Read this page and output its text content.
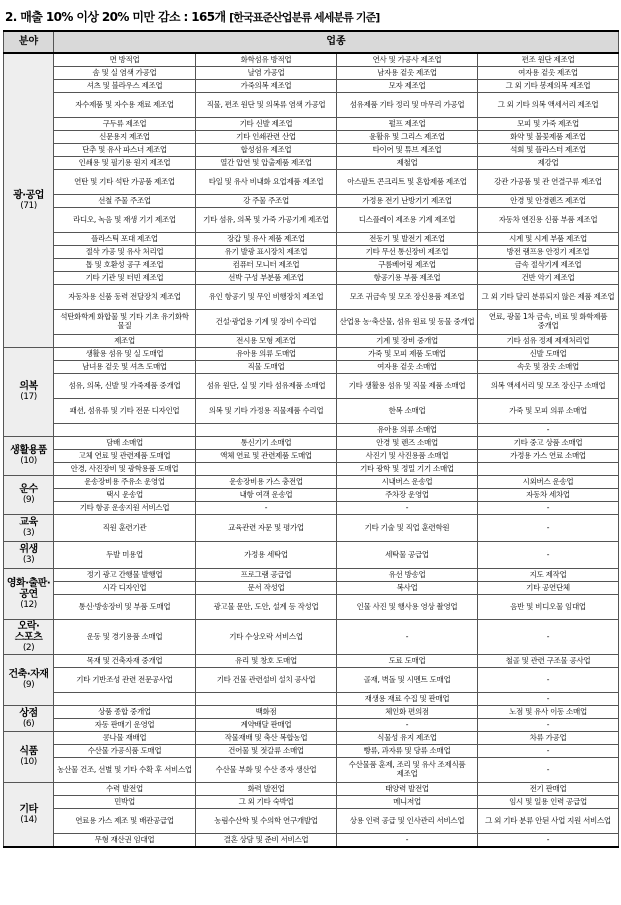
2. 매출 10% 이상 20% 미만 감소 : 165개 [한국표준산업분류 세세분류 기준]
분야	업종			

광·공업
(71)	면 방적업	화학섬유 방적업	연사 및 가공사 제조업	편조 원단 제조업
	솜 및 실 염색 가공업	날염 가공업	남자용 겉옷 제조업	여자용 겉옷 제조업
	셔츠 및 블라우스 제조업	가죽의복 제조업	모자 제조업	그 외 기타 봉제의복 제조업
	자수제품 및 자수용 재료 제조업	직물, 편조 원단 및 의복류 염색 가공업	섬유제품 기타 정리 및 마무리 가공업	그 외 기타 의복 액세서리 제조업
	구두류 제조업	기타 신발 제조업	펄프 제조업	모피 및 가죽 제조업
	신문용지 제조업	기타 인쇄관련 산업	윤활유 및 그리스 제조업	화약 및 불꽃제품 제조업
	단추 및 유사 파스너 제조업	합성섬유 제조업	타이어 및 튜브 제조업	석회 및 플라스터 제조업
	인쇄용 및 필기용 원지 제조업	열간 압연 및 압출제품 제조업	제철업	제강업
	연탄 및 기타 석탄 가공품 제조업	타일 및 유사 비내화 요업제품 제조업	아스팔트 콘크리트 및 혼합제품 제조업	강관 가공품 및 관 연결구류 제조업
	선철 주물 주조업	강 주물 주조업	가정용 전기 난방기기 제조업	안경 및 안경렌즈 제조업
	라디오, 녹음 및 재생 기기 제조업	기타 섬유, 의복 및 가죽 가공기계 제조업	디스플레이 제조용 기계 제조업	자동차 엔진용 신품 부품 제조업
	플라스틱 포대 제조업	장갑 및 유사 제품 제조업	전동기 및 발전기 제조업	시계 및 시계 부품 제조업
	절삭 가공 및 유사 처리업	유기 발광 표시장치 제조업	기타 무선 통신장비 제조업	방전 램프용 안정기 제조업
	톱 및 호환성 공구 제조업	컴퓨터 모니터 제조업	구름베어링 제조업	금속 절삭기계 제조업
	기타 기관 및 터빈 제조업	선박 구성 부분품 제조업	항공기용 부품 제조업	건반 악기 제조업
	자동차용 신품 동력 전달장치 제조업	유인 항공기 및 무인 비행장치 제조업	모조 귀금속 및 모조 장신용품 제조업	그 외 기타 달리 분류되지 않은 제품 제조업
	석탄화학계 화합물 및 기타 기초 유기화학 물질	건설·광업용 기계 및 장비 수리업	산업용 농·축산물, 섬유 원료 및 동물 중개업	연료, 광물 1차 금속, 비료 및 화학제품 중개업
	제조업	전시용 모형 제조업	기계 및 장비 중개업	기타 섬유 정제 제재처리업

의복
(17)	생활용 섬유 및 실 도매업	유아용 의류 도매업	가죽 및 모피 제품 도매업	신발 도매업
	남녀용 겉옷 및 셔츠 도매업	직물 도매업	여자용 겉옷 소매업	속옷 및 잠옷 소매업
	섬유, 의복, 신발 및 가죽제품 중개업	섬유 원단, 실 및 기타 섬유제품 소매업	기타 생활용 섬유 및 직물 제품 소매업	의복 액세서리 및 모조 장신구 소매업
	패션, 섬유류 및 기타 전문 디자인업	의복 및 기타 가정용 직물제품 수리업	한복 소매업	가죽 및 모피 의류 소매업
			유아용 의류 소매업	-

생활용품
(10)	담배 소매업	통신기기 소매업	안경 및 렌즈 소매업	기타 중고 상품 소매업
	고체 연료 및 관련제품 도매업	액체 연료 및 관련제품 도매업	사진기 및 사진용품 소매업	가정용 가스 연료 소매업
	안경, 사진장비 및 광학용품 도매업		기타 광학 및 정밀 기기 소매업	

운수
(9)	운송장비용 주유소 운영업	운송장비용 가스 충전업	시내버스 운송업	시외버스 운송업
	택시 운송업	내항 여객 운송업	주차장 운영업	자동차 세차업
	기타 항공 운송지원 서비스업	-	-	-

교육
(3)	직원 훈련기관	교육관련 자문 및 평가업	기타 기술 및 직업 훈련학원	-

위생
(3)	두발 미용업	가정용 세탁업	세탁물 공급업	-

영화·출판·공연
(12)	정기 광고 간행물 발행업	프로그램 공급업	유선 방송업	지도 제작업
	시각 디자인업	문서 작성업	복사업	기타 공연단체
	통신·방송장비 및 부품 도매업	광고물 문안, 도안, 설계 등 작성업	인물 사진 및 행사용 영상 촬영업	음반 및 비디오물 임대업

오락·스포츠
(2)	운동 및 경기용품 소매업	기타 수상오락 서비스업	-	-

건축·자재
(9)	목재 및 건축자재 중개업	유리 및 창호 도매업	도료 도매업	철골 및 관련 구조물 공사업
	기타 기반조성 관련 전문공사업	기타 건물 관련설비 설치 공사업	골재, 벽돌 및 시멘트 도매업	-
			재생용 재료 수집 및 판매업	-

상점
(6)	상품 종합 중개업	백화점	체인화 편의점	노점 및 유사 이동 소매업
	자동 판매기 운영업	계약배달 판매업	-	-

식품
(10)	콩나물 재배업	작물재배 및 축산 복합농업	식물성 유지 제조업	차류 가공업
	수산물 가공식품 도매업	건어물 및 젓갈류 소매업	빵류, 과자류 및 당류 소매업	-
	농산물 건조, 선별 및 기타 수확 후 서비스업	수산물 부화 및 수산 종자 생산업	수산물품 훈제, 조리 및 유사 조제식품 제조업	-

기타
(14)	수력 발전업	화력 발전업	태양력 발전업	전기 판매업
	민박업	그 외 기타 숙박업	메니저업	임시 및 일용 인력 공급업
	연료용 가스 제조 및 배관공급업	농림수산학 및 수의학 연구개발업	상용 인력 공급 및 인사관리 서비스업	그 외 기타 분류 안된 사업 지원 서비스업
	무형 재산권 임대업	결혼 상담 및 준비 서비스업	-	-
